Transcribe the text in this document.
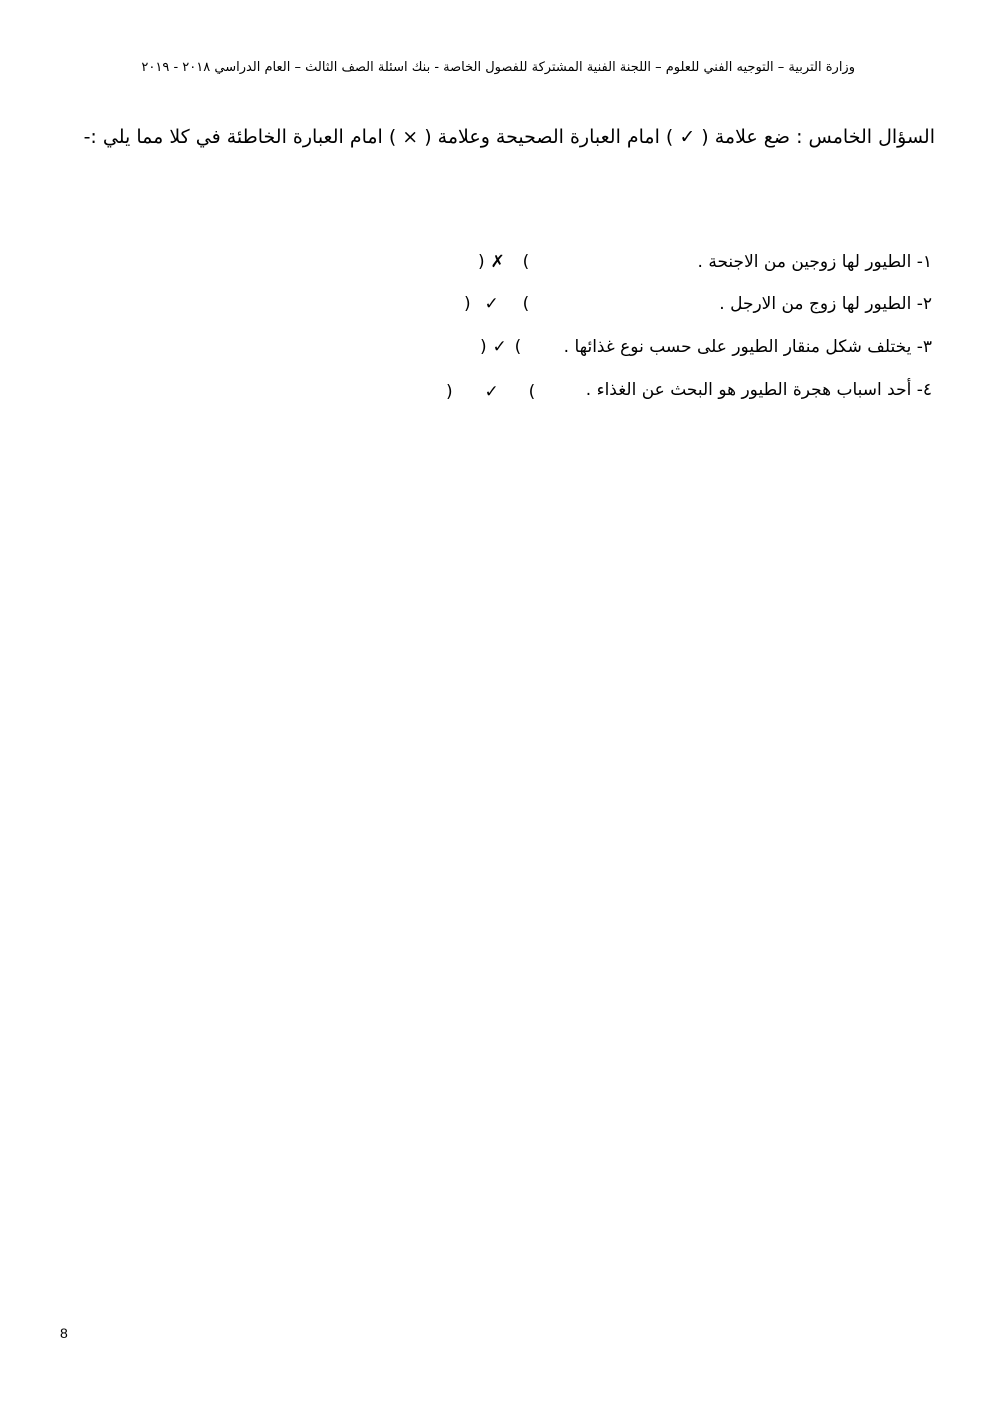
وزارة التربية – التوجيه الفني للعلوم – اللجنة الفنية المشتركة للفصول الخاصة - بنك اسئلة الصف الثالث – العام الدراسي ٢٠١٨ - ٢٠١٩
السؤال الخامس : ضع علامة (✓) امام العبارة الصحيحة وعلامة (×) امام العبارة الخاطئة في كلا مما يلي :-
١- الطيور لها زوجين من الاجنحة .
) ✗ (
٢- الطيور لها زوج من الارجل .
) ✓ (
٣- يختلف شكل منقار الطيور على حسب نوع غذائها .
) ✓ (
٤- أحد اسباب هجرة الطيور هو البحث عن الغذاء .
) ✓ (
8
